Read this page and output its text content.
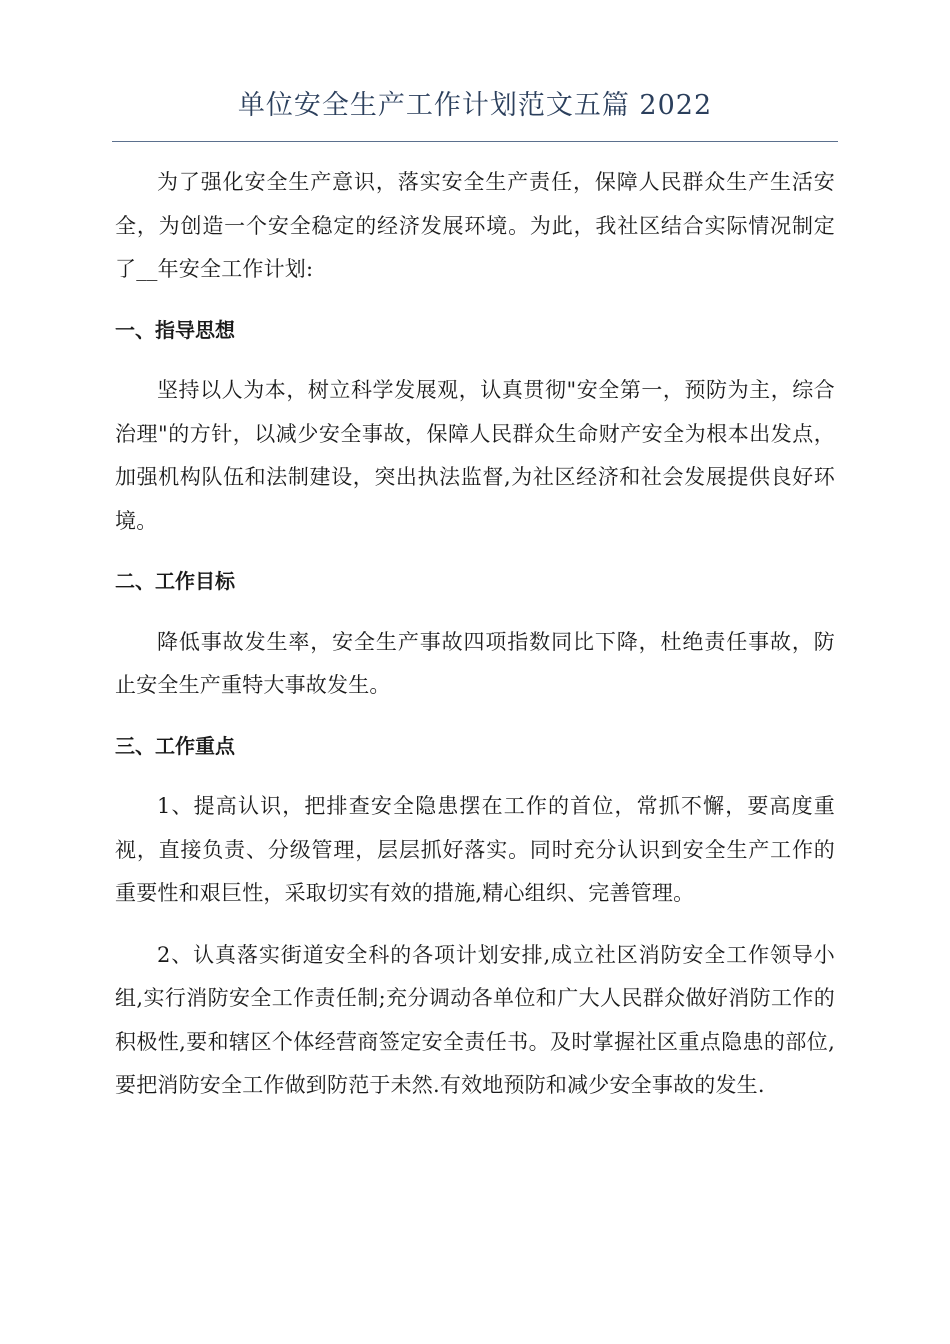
单位安全生产工作计划范文五篇 2022

为了强化安全生产意识，落实安全生产责任，保障人民群众生产生活安全，为创造一个安全稳定的经济发展环境。为此，我社区结合实际情况制定了__年安全工作计划:

一、指导思想

坚持以人为本，树立科学发展观，认真贯彻"安全第一，预防为主，综合治理"的方针，以减少安全事故，保障人民群众生命财产安全为根本出发点，加强机构队伍和法制建设，突出执法监督,为社区经济和社会发展提供良好环境。

二、工作目标

降低事故发生率，安全生产事故四项指数同比下降，杜绝责任事故，防止安全生产重特大事故发生。

三、工作重点

1、提高认识，把排查安全隐患摆在工作的首位，常抓不懈，要高度重视，直接负责、分级管理，层层抓好落实。同时充分认识到安全生产工作的重要性和艰巨性，采取切实有效的措施,精心组织、完善管理。

2、认真落实街道安全科的各项计划安排,成立社区消防安全工作领导小组,实行消防安全工作责任制;充分调动各单位和广大人民群众做好消防工作的积极性,要和辖区个体经营商签定安全责任书。及时掌握社区重点隐患的部位,要把消防安全工作做到防范于未然.有效地预防和减少安全事故的发生.
